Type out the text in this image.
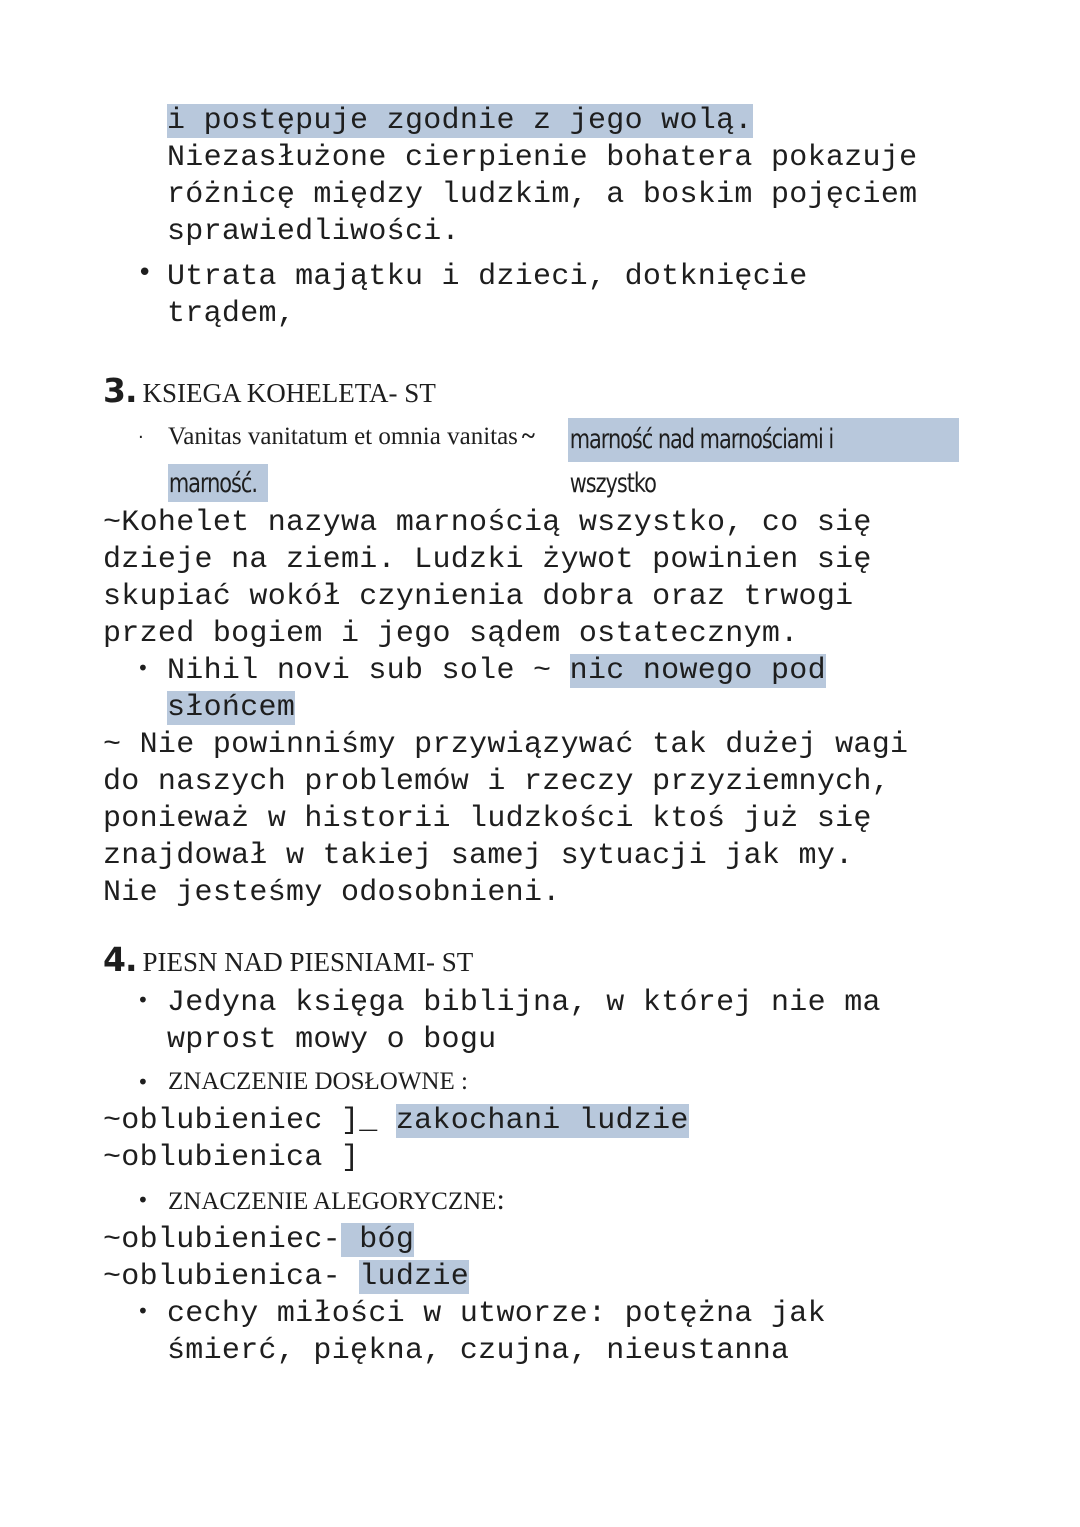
i postępuje zgodnie z jego wolą.
Niezasłużone cierpienie bohatera pokazuje
różnicę między ludzkim, a boskim pojęciem
sprawiedliwości.
• Utrata majątku i dzieci, dotknięcie
trądem,
3. KSIEGA KOHELETA- ST
· Vanitas vanitatum et omnia vanitas ~ marność nad marnościami i wszystko
marność.
~Kohelet nazywa marnością wszystko, co się
dzieje na ziemi. Ludzki żywot powinien się
skupiać wokół czynienia dobra oraz trwogi
przed bogiem i jego sądem ostatecznym.
• Nihil novi sub sole ~ nic nowego pod
słońcem
~ Nie powinniśmy przywiązywać tak dużej wagi
do naszych problemów i rzeczy przyziemnych,
ponieważ w historii ludzkości ktoś już się
znajdował w takiej samej sytuacji jak my.
Nie jesteśmy odosobnieni.
4. PIESN NAD PIESNIAMI- ST
• Jedyna księga biblijna, w której nie ma
wprost mowy o bogu
• ZNACZENIE DOSŁOWNE :
~oblubieniec ]_ zakochani ludzie
~oblubienica ]
• ZNACZENIE ALEGORYCZNE:
~oblubieniec- bóg
~oblubienica- ludzie
• cechy miłości w utworze: potężna jak
śmierć, piękna, czujna, nieustanna
